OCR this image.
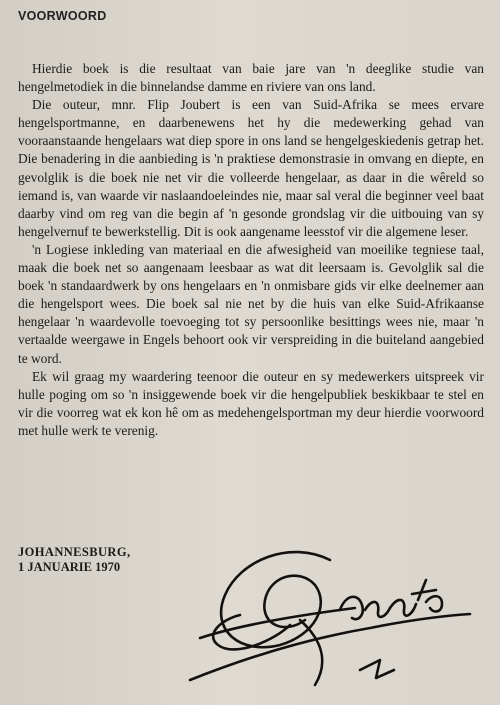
VOORWOORD

Hierdie boek is die resultaat van baie jare van 'n deeglike studie van hengelmetodiek in die binnelandse damme en riviere van ons land.

Die outeur, mnr. Flip Joubert is een van Suid-Afrika se mees ervare hengelsportmanne, en daarbenewens het hy die medewerking gehad van vooraanstaande hengelaars wat diep spore in ons land se hengelgeskiedenis getrap het. Die benadering in die aanbieding is 'n praktiese demonstrasie in omvang en diepte, en gevolglik is die boek nie net vir die volleerde hengelaar, as daar in die wêreld so iemand is, van waarde vir naslaandoeleindes nie, maar sal veral die beginner veel baat daarby vind om reg van die begin af 'n gesonde grondslag vir die uitbouing van sy hengelvernuf te bewerkstellig. Dit is ook aangename leesstof vir die algemene leser.

'n Logiese inkleding van materiaal en die afwesigheid van moeilike tegniese taal, maak die boek net so aangenaam leesbaar as wat dit leersaam is. Gevolglik sal die boek 'n standaardwerk by ons hengelaars en 'n onmisbare gids vir elke deelnemer aan die hengelsport wees. Die boek sal nie net by die huis van elke Suid-Afrikaanse hengelaar 'n waardevolle toevoeging tot sy persoonlike besittings wees nie, maar 'n vertaalde weergawe in Engels behoort ook vir verspreiding in die buiteland aangebied te word.

Ek wil graag my waardering teenoor die outeur en sy medewerkers uitspreek vir hulle poging om so 'n insiggewende boek vir die hengelpubliek beskikbaar te stel en vir die voorreg wat ek kon hê om as medehengelsportman my deur hierdie voorwoord met hulle werk te verenig.

JOHANNESBURG,
1 JANUARIE 1970
